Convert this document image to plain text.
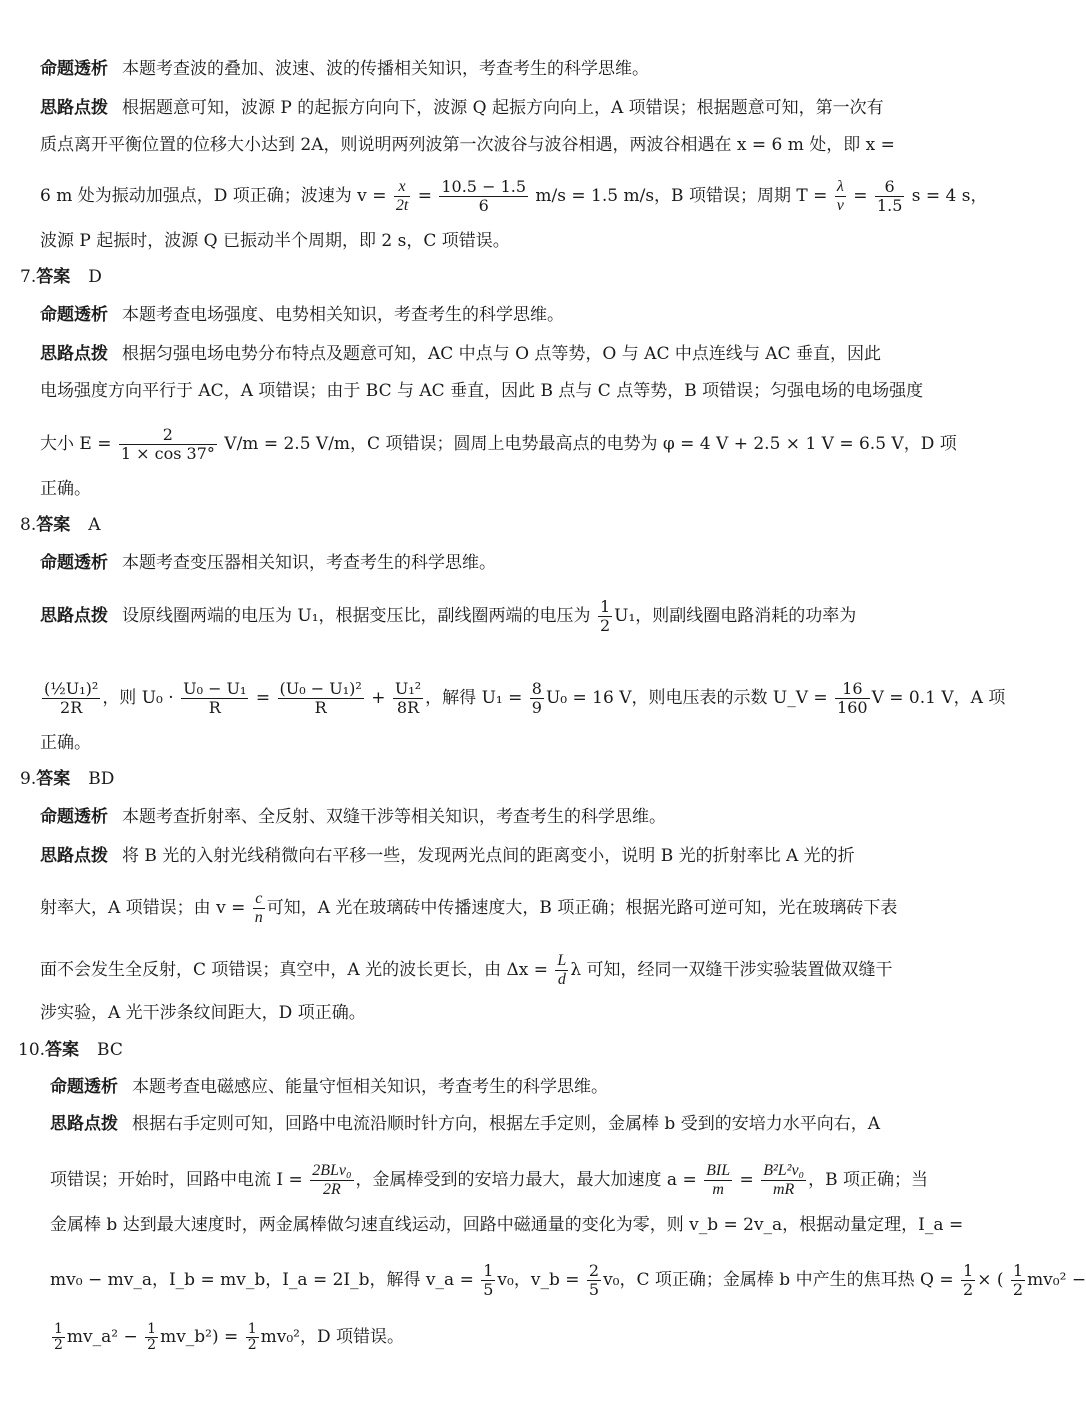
命题透析 本题考查波的叠加、波速、波的传播相关知识，考查考生的科学思维。
思路点拨 根据题意可知，波源 P 的起振方向向下，波源 Q 起振方向向上，A 项错误；根据题意可知，第一次有
质点离开平衡位置的位移大小达到 2A，则说明两列波第一次波谷与波谷相遇，两波谷相遇在 x = 6 m 处，即 x =
6 m 处为振动加强点，D 项正确；波速为 $v = \frac{x}{2t} = \frac{10.5 - 1.5}{6} m/s = 1.5$ m/s，B 项错误；周期 $T = \frac{\lambda}{v} = \frac{6}{1.5}$ s = 4 s，
波源 P 起振时，波源 Q 已振动半个周期，即 2 s，C 项错误。
7.答案 D
命题透析 本题考查电场强度、电势相关知识，考查考生的科学思维。
思路点拨 根据匀强电场电势分布特点及题意可知，AC 中点与 O 点等势，O 与 AC 中点连线与 AC 垂直，因此
电场强度方向平行于 AC，A 项错误；由于 BC 与 AC 垂直，因此 B 点与 C 点等势，B 项错误；匀强电场的电场强度
大小 $E = \frac{2}{1 \times \cos 37^\circ} V/m = 2.5$ V/m，C 项错误；圆周上电势最高点的电势为 φ = 4 V + 2.5 × 1 V = 6.5 V，D 项
正确。
8.答案 A
命题透析 本题考查变压器相关知识，考查考生的科学思维。
思路点拨 设原线圈两端的电压为 U₁，根据变压比，副线圈两端的电压为 $\frac{1}{2} U_1$，则副线圈电路消耗的功率为
$\frac{\text{(½U₁)²}}{2R}$ ，则 $U_0 \cdot \frac{\text{U₀ − U₁}}{R} = \frac{\text{(U₀ − U₁)²}}{R} + \frac{\text{U₁²}}{8R}$ ，解得 $U_1 = \frac{8}{9} U_0 = 16$ V，则电压表的示数 U_V = $\frac{16}{160}$ V = 0.1 V，A 项
正确。
9.答案 BD
命题透析 本题考查折射率、全反射、双缝干涉等相关知识，考查考生的科学思维。
思路点拨 将 B 光的入射光线稍微向右平移一些，发现两光点间的距离变小，说明 B 光的折射率比 A 光的折
射率大，A 项错误；由 $v = \frac{c}{n}$ 可知，A 光在玻璃砖中传播速度大，B 项正确；根据光路可逆可知，光在玻璃砖下表
面不会发生全反射，C 项错误；真空中，A 光的波长更长，由 $\Delta x = \frac{L}{d}$ λ 可知，经同一双缝干涉实验装置做双缝干
涉实验，A 光干涉条纹间距大，D 项正确。
10.答案 BC
命题透析 本题考查电磁感应、能量守恒相关知识，考查考生的科学思维。
思路点拨 根据右手定则可知，回路中电流沿顺时针方向，根据左手定则，金属棒 b 受到的安培力水平向右，A
项错误；开始时，回路中电流 $I = \frac{\text{2BLv₀}}{2R}$ ，金属棒受到的安培力最大，最大加速度 $a = \frac{\text{BIL}}{m} = \frac{\text{B²L²v₀}}{mR}$ ，B 项正确；当
金属棒 b 达到最大速度时，两金属棒做匀速直线运动，回路中磁通量的变化为零，则 v_b = 2v_a，根据动量定理，I_a =
mv₀ − mv_a，I_b = mv_b，I_a = 2I_b，解得 v_a = $\frac{1}{5} v_0$，v_b = $\frac{2}{5} v_0$，C 项正确；金属棒 b 中产生的焦耳热 $Q = \frac{1}{2}$ × ( $\frac{1}{2} mv_0^2$ −
$\frac{1}{2}$ mv_a² − $\frac{1}{2}$ mv_b²) = $\frac{1}{2} mv_0^2$，D 项错误。
